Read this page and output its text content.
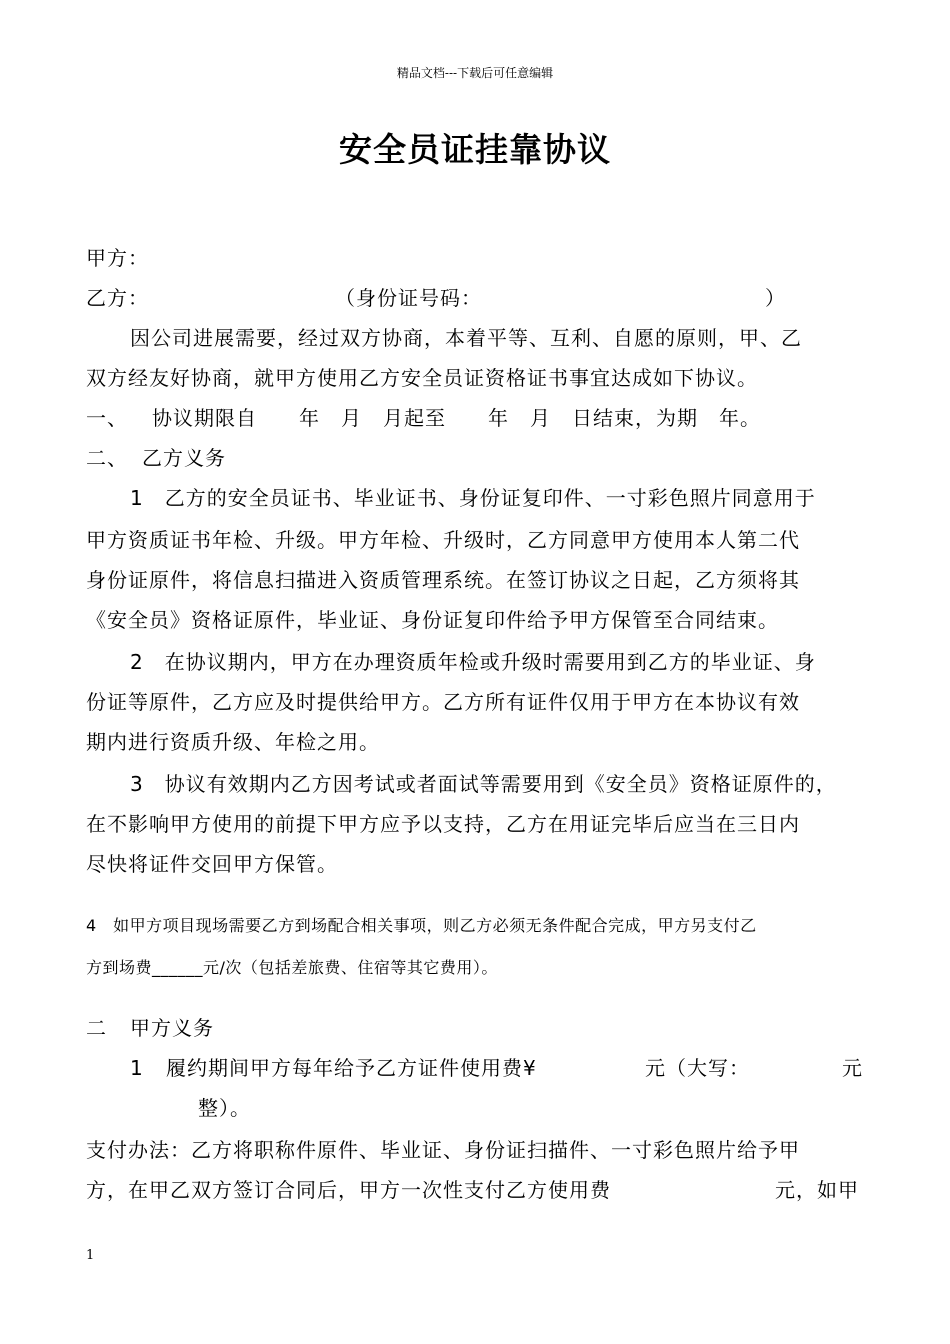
精品文档---下载后可任意编辑
安全员证挂靠协议
甲方：
乙方：	（身份证号码：	）
因公司进展需要，经过双方协商，本着平等、互利、自愿的原则，甲、乙
双方经友好协商，就甲方使用乙方安全员证资格证书事宜达成如下协议。
一、 协议期限自　　年　月　月起至　　年　月　日结束，为期　年。
二、 乙方义务
1　乙方的安全员证书、毕业证书、身份证复印件、一寸彩色照片同意用于
甲方资质证书年检、升级。甲方年检、升级时，乙方同意甲方使用本人第二代
身份证原件，将信息扫描进入资质管理系统。在签订协议之日起，乙方须将其
《安全员》资格证原件，毕业证、身份证复印件给予甲方保管至合同结束。
2　在协议期内，甲方在办理资质年检或升级时需要用到乙方的毕业证、身
份证等原件，乙方应及时提供给甲方。乙方所有证件仅用于甲方在本协议有效
期内进行资质升级、年检之用。
3　协议有效期内乙方因考试或者面试等需要用到《安全员》资格证原件的，
在不影响甲方使用的前提下甲方应予以支持，乙方在用证完毕后应当在三日内
尽快将证件交回甲方保管。
4　如甲方项目现场需要乙方到场配合相关事项，则乙方必须无条件配合完成，甲方另支付乙
方到场费______元/次（包括差旅费、住宿等其它费用）。
二 甲方义务
1 履约期间甲方每年给予乙方证件使用费¥	元（大写：	元
整）。
支付办法：乙方将职称件原件、毕业证、身份证扫描件、一寸彩色照片给予甲
方，在甲乙双方签订合同后，甲方一次性支付乙方使用费	元，如甲
1
